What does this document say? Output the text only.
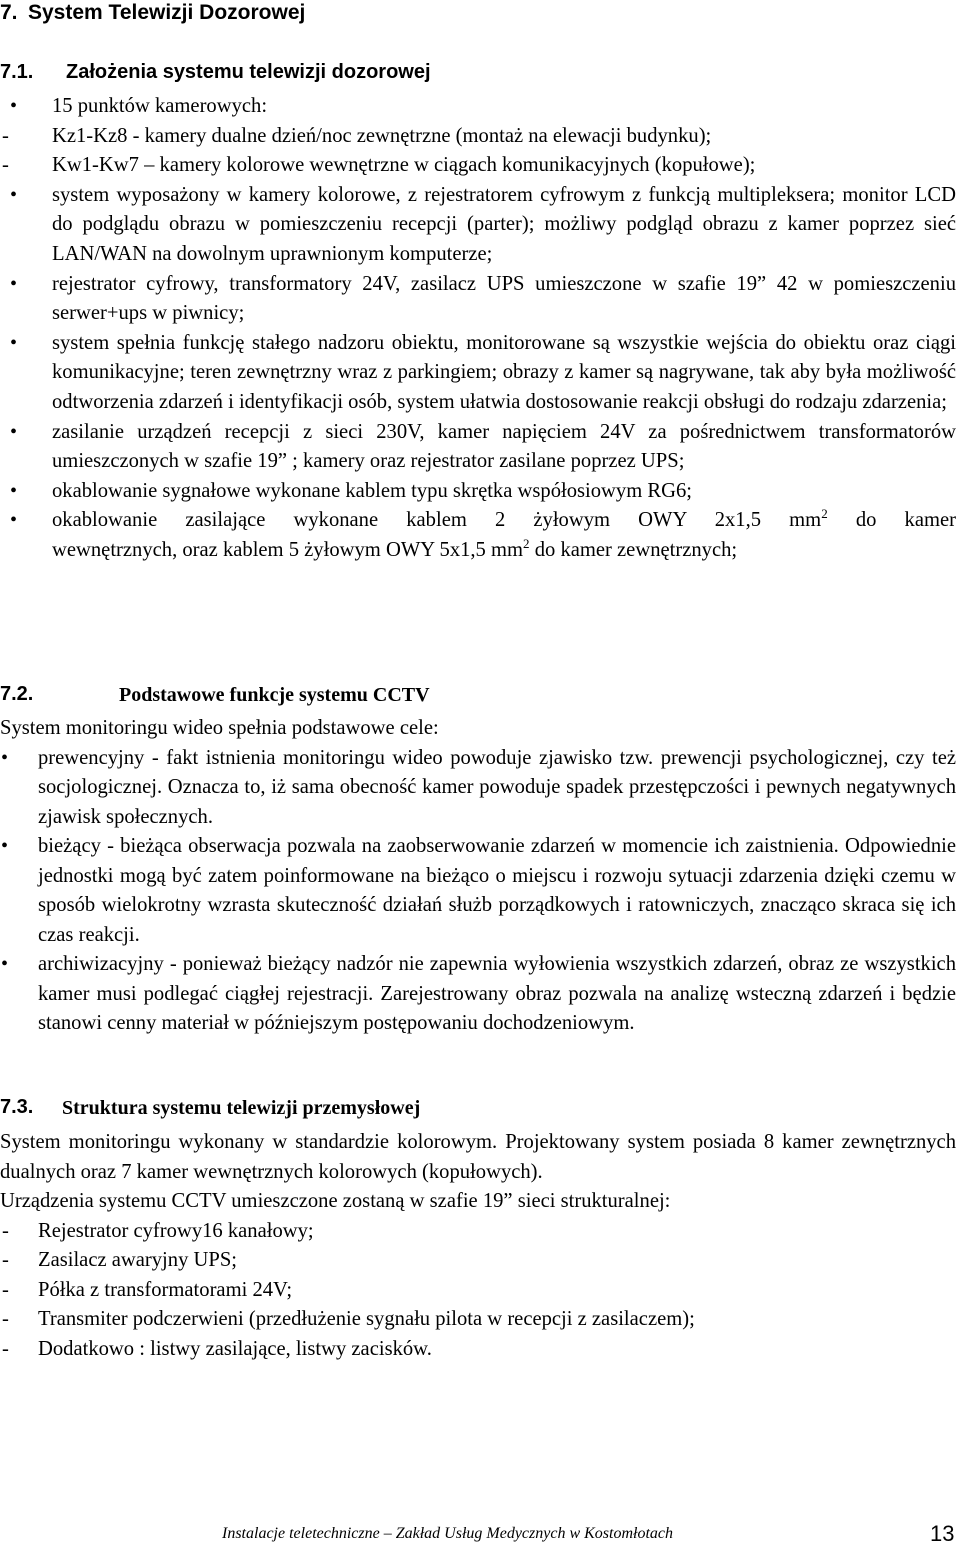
7. System Telewizji Dozorowej
7.1. Założenia systemu telewizji dozorowej
• 15 punktów kamerowych:

- Kz1-Kz8 - kamery dualne dzień/noc zewnętrzne (montaż na elewacji budynku);

- Kw1-Kw7 – kamery kolorowe wewnętrzne w ciągach komunikacyjnych (kopułowe);

• system wyposażony w kamery kolorowe, z rejestratorem cyfrowym z funkcją multipleksera; monitor LCD do podglądu obrazu w pomieszczeniu recepcji (parter); możliwy podgląd obrazu z kamer poprzez sieć LAN/WAN na dowolnym uprawnionym komputerze;

• rejestrator cyfrowy, transformatory 24V, zasilacz UPS umieszczone w szafie 19” 42 w pomieszczeniu serwer+ups w piwnicy;

• system spełnia funkcję stałego nadzoru obiektu, monitorowane są wszystkie wejścia do obiektu oraz ciągi komunikacyjne; teren zewnętrzny wraz z parkingiem; obrazy z kamer są nagrywane, tak aby była możliwość odtworzenia zdarzeń i identyfikacji osób, system ułatwia dostosowanie reakcji obsługi do rodzaju zdarzenia;

• zasilanie urządzeń recepcji z sieci 230V, kamer napięciem 24V za pośrednictwem transformatorów umieszczonych w szafie 19” ; kamery oraz rejestrator zasilane poprzez UPS;

• okablowanie sygnałowe wykonane kablem typu skrętka współosiowym RG6;

• okablowanie zasilające wykonane kablem 2 żyłowym OWY 2x1,5 $mm^2$ do kamer

wewnętrznych, oraz kablem 5 żyłowym OWY 5x1,5 $mm^2$ do kamer zewnętrznych;

7.2.	Podstawowe funkcje systemu CCTV

System monitoringu wideo spełnia podstawowe cele:

• prewencyjny - fakt istnienia monitoringu wideo powoduje zjawisko tzw. prewencji psychologicznej, czy też socjologicznej. Oznacza to, iż sama obecność kamer powoduje spadek przestępczości i pewnych negatywnych zjawisk społecznych.

• bieżący - bieżąca obserwacja pozwala na zaobserwowanie zdarzeń w momencie ich zaistnienia. Odpowiednie jednostki mogą być zatem poinformowane na bieżąco o miejscu i rozwoju sytuacji zdarzenia dzięki czemu w sposób wielokrotny wzrasta skuteczność działań służb porządkowych i ratowniczych, znacząco skraca się ich czas reakcji.

• archiwizacyjny - ponieważ bieżący nadzór nie zapewnia wyłowienia wszystkich zdarzeń, obraz ze wszystkich kamer musi podlegać ciągłej rejestracji. Zarejestrowany obraz pozwala na analizę wsteczną zdarzeń i będzie stanowi cenny materiał w późniejszym postępowaniu dochodzeniowym.

7.3. Struktura systemu telewizji przemysłowej

System monitoringu wykonany w standardzie kolorowym. Projektowany system posiada 8 kamer zewnętrznych dualnych oraz 7 kamer wewnętrznych kolorowych (kopułowych).

Urządzenia systemu CCTV umieszczone zostaną w szafie 19” sieci strukturalnej:

- Rejestrator cyfrowy16 kanałowy;

- Zasilacz awaryjny UPS;

- Półka z transformatorami 24V;

- Transmiter podczerwieni (przedłużenie sygnału pilota w recepcji z zasilaczem);

- Dodatkowo : listwy zasilające, listwy zacisków.

Instalacje teletechniczne – Zakład Usług Medycznych w Kostomłotach	13
